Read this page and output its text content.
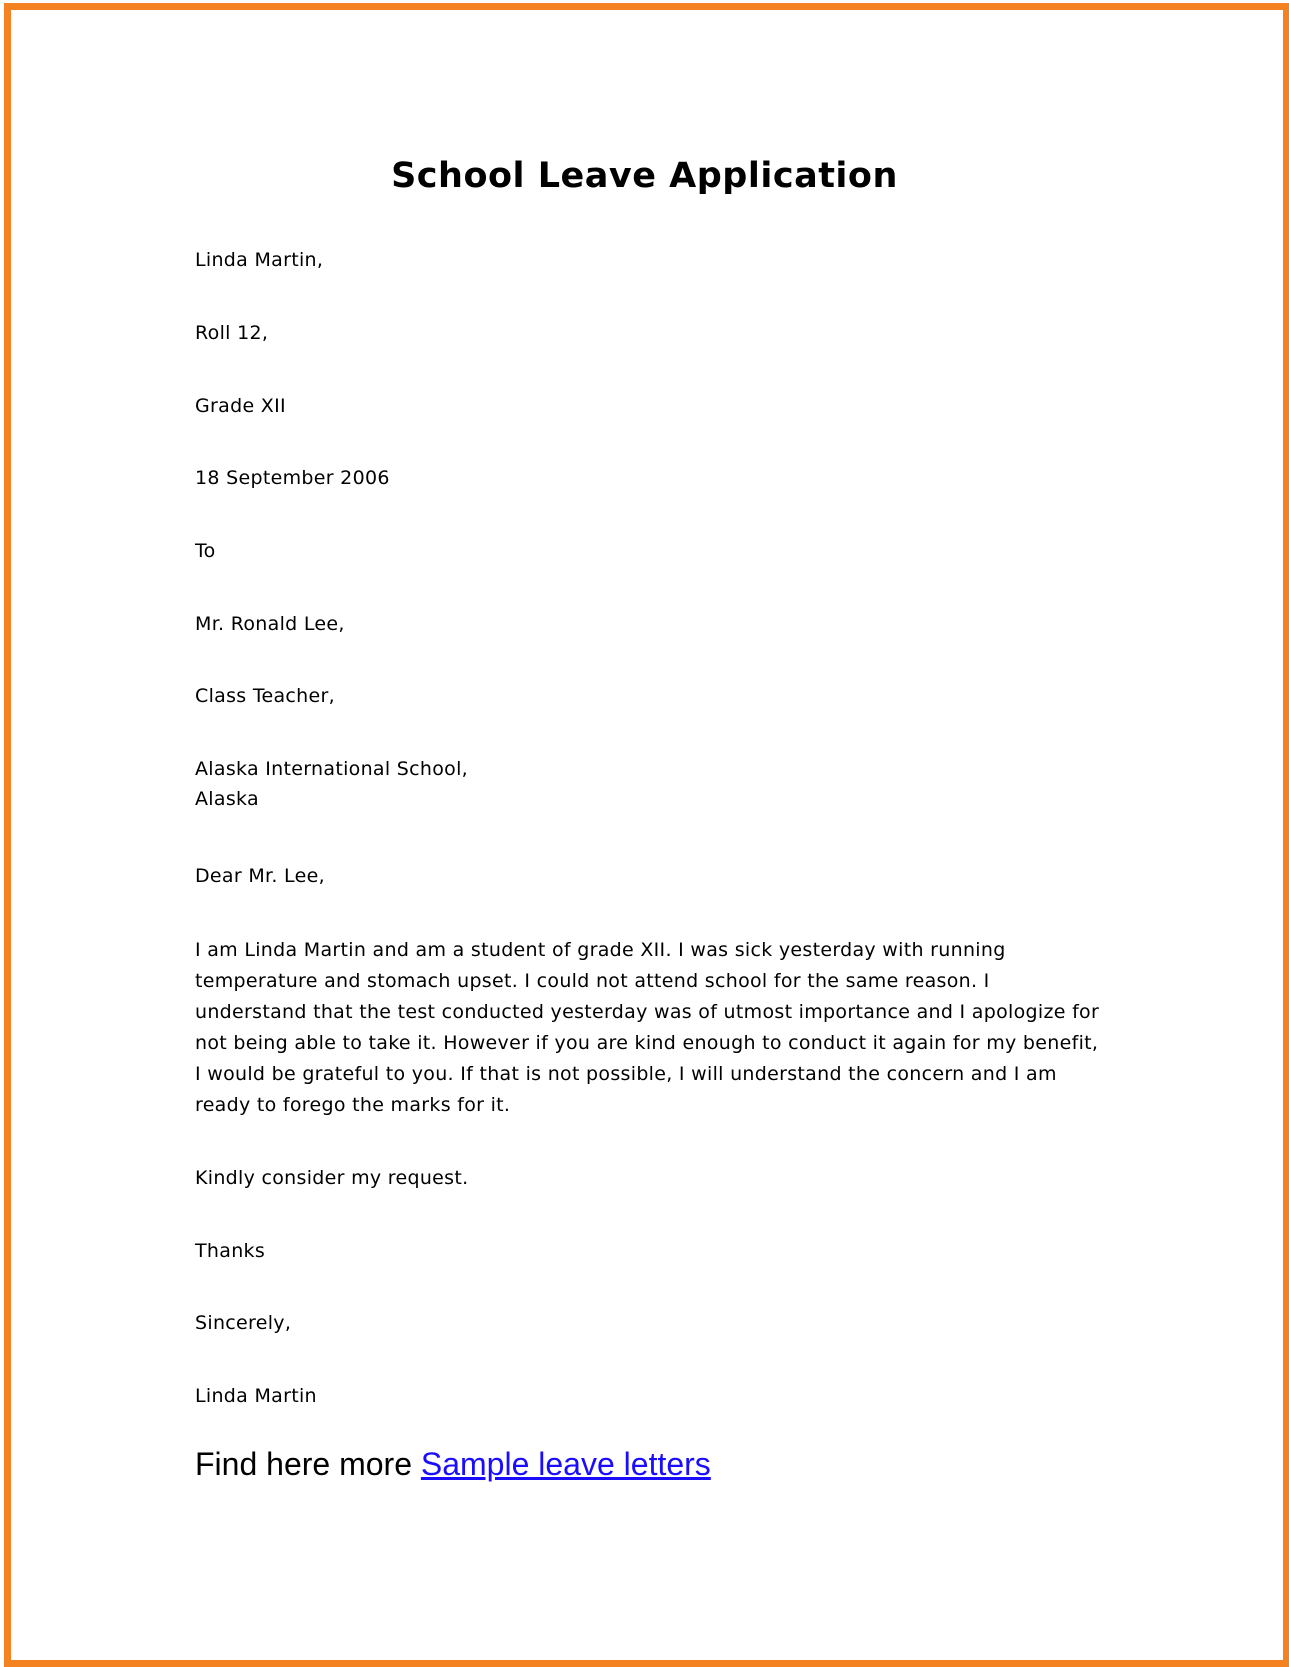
School Leave Application

Linda Martin,

Roll 12,

Grade XII

18 September 2006

To

Mr. Ronald Lee,

Class Teacher,

Alaska International School,

Alaska

Dear Mr. Lee,

I am Linda Martin and am a student of grade XII. I was sick yesterday with running temperature and stomach upset. I could not attend school for the same reason. I understand that the test conducted yesterday was of utmost importance and I apologize for not being able to take it. However if you are kind enough to conduct it again for my benefit, I would be grateful to you. If that is not possible, I will understand the concern and I am ready to forego the marks for it.

Kindly consider my request.

Thanks

Sincerely,

Linda Martin

Find here more Sample leave letters
